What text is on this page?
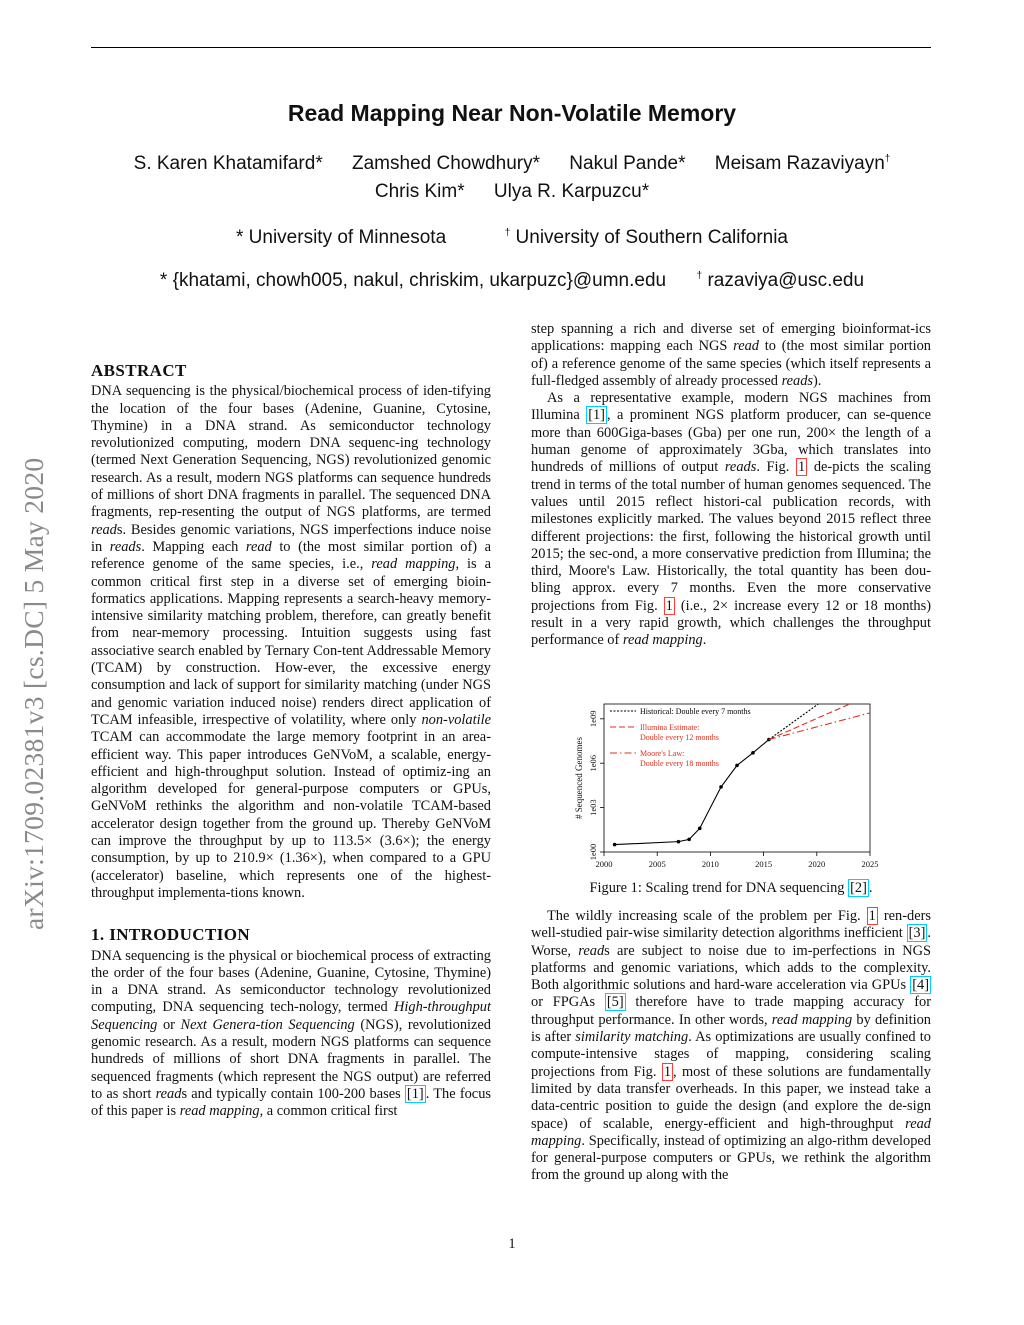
arXiv:1709.02381v3 [cs.DC] 5 May 2020
Read Mapping Near Non-Volatile Memory
S. Karen Khatamifard* Zamshed Chowdhury* Nakul Pande* Meisam Razaviyayn†
Chris Kim* Ulya R. Karpuzcu*
* University of Minnesota	† University of Southern California
* {khatami, chowh005, nakul, chriskim, ukarpuzc}@umn.edu	† razaviya@usc.edu
ABSTRACT

DNA sequencing is the physical/biochemical process of iden-tifying the location of the four bases (Adenine, Guanine, Cytosine, Thymine) in a DNA strand. As semiconductor technology revolutionized computing, modern DNA sequenc-ing technology (termed Next Generation Sequencing, NGS) revolutionized genomic research. As a result, modern NGS platforms can sequence hundreds of millions of short DNA fragments in parallel. The sequenced DNA fragments, rep-resenting the output of NGS platforms, are termed reads. Besides genomic variations, NGS imperfections induce noise in reads. Mapping each read to (the most similar portion of) a reference genome of the same species, i.e., read mapping, is a common critical first step in a diverse set of emerging bioin-formatics applications. Mapping represents a search-heavy memory-intensive similarity matching problem, therefore, can greatly benefit from near-memory processing. Intuition suggests using fast associative search enabled by Ternary Con-tent Addressable Memory (TCAM) by construction. How-ever, the excessive energy consumption and lack of support for similarity matching (under NGS and genomic variation induced noise) renders direct application of TCAM infeasible, irrespective of volatility, where only non-volatile TCAM can accommodate the large memory footprint in an area-efficient way. This paper introduces GeNVoM, a scalable, energy-efficient and high-throughput solution. Instead of optimiz-ing an algorithm developed for general-purpose computers or GPUs, GeNVoM rethinks the algorithm and non-volatile TCAM-based accelerator design together from the ground up. Thereby GeNVoM can improve the throughput by up to 113.5× (3.6×); the energy consumption, by up to 210.9× (1.36×), when compared to a GPU (accelerator) baseline, which represents one of the highest-throughput implementa-tions known.

1. INTRODUCTION

DNA sequencing is the physical or biochemical process of extracting the order of the four bases (Adenine, Guanine, Cytosine, Thymine) in a DNA strand. As semiconductor technology revolutionized computing, DNA sequencing tech-nology, termed High-throughput Sequencing or Next Genera-tion Sequencing (NGS), revolutionized genomic research. As a result, modern NGS platforms can sequence hundreds of millions of short DNA fragments in parallel. The sequenced fragments (which represent the NGS output) are referred to as short reads and typically contain 100-200 bases [1] . The focus of this paper is read mapping, a common critical first

step spanning a rich and diverse set of emerging bioinformat-ics applications: mapping each NGS read to (the most similar portion of) a reference genome of the same species (which itself represents a full-fledged assembly of already processed reads).

As a representative example, modern NGS machines from Illumina [1] , a prominent NGS platform producer, can se-quence more than 600Giga-bases (Gba) per one run, 200× the length of a human genome of approximately 3Gba, which translates into hundreds of millions of output reads. Fig. 1 de-picts the scaling trend in terms of the total number of human genomes sequenced. The values until 2015 reflect histori-cal publication records, with milestones explicitly marked. The values beyond 2015 reflect three different projections: the first, following the historical growth until 2015; the sec-ond, a more conservative prediction from Illumina; the third, Moore's Law. Historically, the total quantity has been dou-bling approx. every 7 months. Even the more conservative projections from Fig. 1 (i.e., 2× increase every 12 or 18 months) result in a very rapid growth, which challenges the throughput performance of read mapping.

2000	2005	2010	2015	2020	2025
1e00
1e03
1e06
1e09
# Sequenced Genomes
Historical: Double every 7 months
Illumina Estimate:
Double every 12 months
Moore's Law:
Double every 18 months
Figure 1: Scaling trend for DNA sequencing [2] .

The wildly increasing scale of the problem per Fig. 1 ren-ders well-studied pair-wise similarity detection algorithms inefficient [3] . Worse, reads are subject to noise due to im-perfections in NGS platforms and genomic variations, which adds to the complexity. Both algorithmic solutions and hard-ware acceleration via GPUs [4] or FPGAs [5] therefore have to trade mapping accuracy for throughput performance. In other words, read mapping by definition is after similarity matching. As optimizations are usually confined to compute-intensive stages of mapping, considering scaling projections from Fig. 1 , most of these solutions are fundamentally limited by data transfer overheads. In this paper, we instead take a data-centric position to guide the design (and explore the de-sign space) of scalable, energy-efficient and high-throughput read mapping. Specifically, instead of optimizing an algo-rithm developed for general-purpose computers or GPUs, we rethink the algorithm from the ground up along with the

1
